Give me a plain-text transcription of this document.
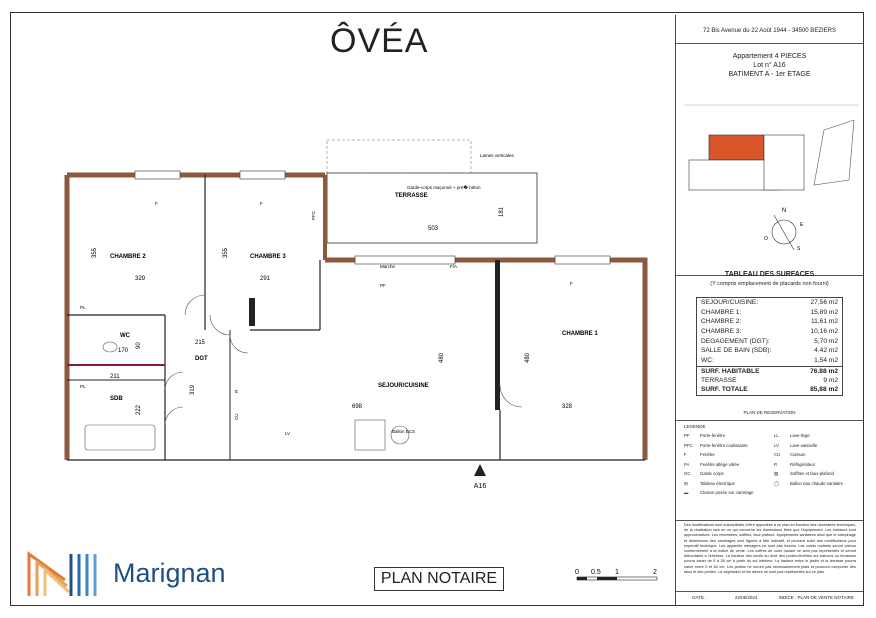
ÔVÉA
CHAMBRE 2
329
355	CHAMBRE 3
291
355
TERRASSE
503
181
CHAMBRE 1
328
480
SEJOUR/CUISINE
698
480
WC
170
90
DGT
215
319
SDB
211
222
Lames verticales
Garde-corps maçonné + pré� béton
Marche
PF
PFC
F	F
F
F/A
PL
PL
LV
CU
R
Ballon ECS
A16
72 Bis Avenue du 22 Août 1944 - 34500 BEZIERS
Appartement 4 PIECES
Lot n° A16
BATIMENT A - 1er ETAGE
N
S
E
O
TABLEAU DES SURFACES
(Y compris emplacement de placards non fourni)
SEJOUR/CUISINE:	27,56 m2
CHAMBRE 1:	15,89 m2
CHAMBRE 2:	11,61 m2
CHAMBRE 3:	10,16 m2
DEGAGEMENT (DGT):	5,70 m2
SALLE DE BAIN (SDB):	4,42 m2
WC:	1,54 m2
SURF. HABITABLE	76.88 m2
TERRASSE	9 m2
SURF. TOTALE	85,88 m2
PLAN DE RESERVATION
LEGENDE
PF	Porte-fenêtre	LL	Lave-linge
PFC	Porte-fenêtre coulissante	LV	Lave-vaisselle
F	Fenêtre	CU	Cuisson
FA	Fenêtre allège vitrée	R	Réfrigérateur
GC	Garde corps	▨	Soffites et faux-plafond
⊟	Tableau électrique	◯	Ballon eau chaude sanitaire
▬	Cloison posée sur carrelage
Des modifications sont susceptibles d'être apportées à ce plan en fonction des nécessités techniques, de la réalisation tant en ce qui concerne les dimensions liées que l'équipement. Les surfaces sont approximatives. Les retombées, soffites, faux plafond, équipements sanitaires ainsi que le calepinage et dimensions des carrelages sont figurés à titre indicatif, et peuvent subir des modifications pour impératif technique. Les appareils ménagers ne sont pas fournis. Les volets roulants seront prévus conformément à la notice de vente. Les coffres de volet roulant ne sont pas représentés et seront débordants à l'intérieur. La hauteur des seuils au droit des portes-fenêtres sur balcons ou terrasses pourra varier de 5 à 35 cm à partir du sol intérieur. La hauteur entre le jardin et la terrasse pourra varier entre 0 et 60 cm. Les jardins ne seront pas nécessairement plats et pourront comporter des talus et des pentes. La végétation et les arbres ne sont pas représentés sur ce plan.
DATE :	22/05/2024	INDICE : PLAN DE VENTE NOTAIRE
Marignan	PLAN NOTAIRE	0 0.5 1	2
